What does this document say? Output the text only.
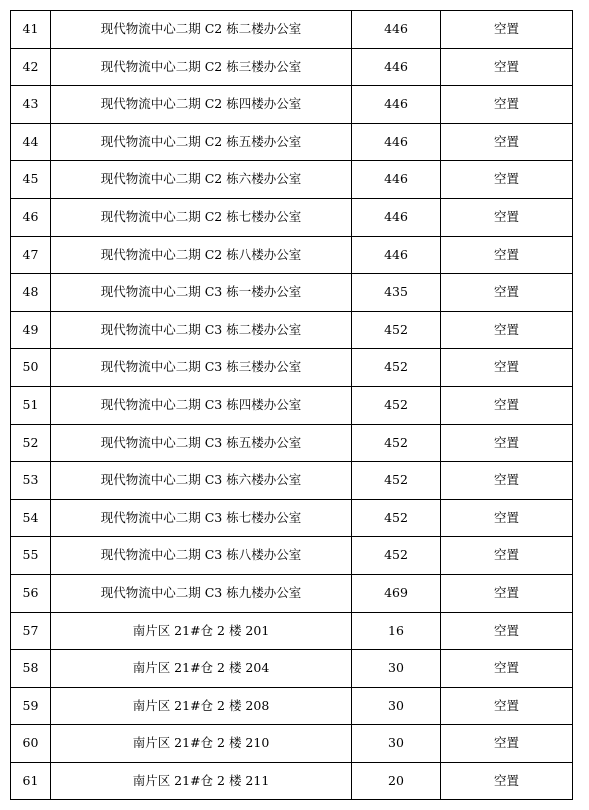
41	现代物流中心二期 C2 栋二楼办公室	446	空置
42	现代物流中心二期 C2 栋三楼办公室	446	空置
43	现代物流中心二期 C2 栋四楼办公室	446	空置
44	现代物流中心二期 C2 栋五楼办公室	446	空置
45	现代物流中心二期 C2 栋六楼办公室	446	空置
46	现代物流中心二期 C2 栋七楼办公室	446	空置
47	现代物流中心二期 C2 栋八楼办公室	446	空置
48	现代物流中心二期 C3 栋一楼办公室	435	空置
49	现代物流中心二期 C3 栋二楼办公室	452	空置
50	现代物流中心二期 C3 栋三楼办公室	452	空置
51	现代物流中心二期 C3 栋四楼办公室	452	空置
52	现代物流中心二期 C3 栋五楼办公室	452	空置
53	现代物流中心二期 C3 栋六楼办公室	452	空置
54	现代物流中心二期 C3 栋七楼办公室	452	空置
55	现代物流中心二期 C3 栋八楼办公室	452	空置
56	现代物流中心二期 C3 栋九楼办公室	469	空置
57	南片区 21#仓 2 楼 201	16	空置
58	南片区 21#仓 2 楼 204	30	空置
59	南片区 21#仓 2 楼 208	30	空置
60	南片区 21#仓 2 楼 210	30	空置
61	南片区 21#仓 2 楼 211	20	空置
